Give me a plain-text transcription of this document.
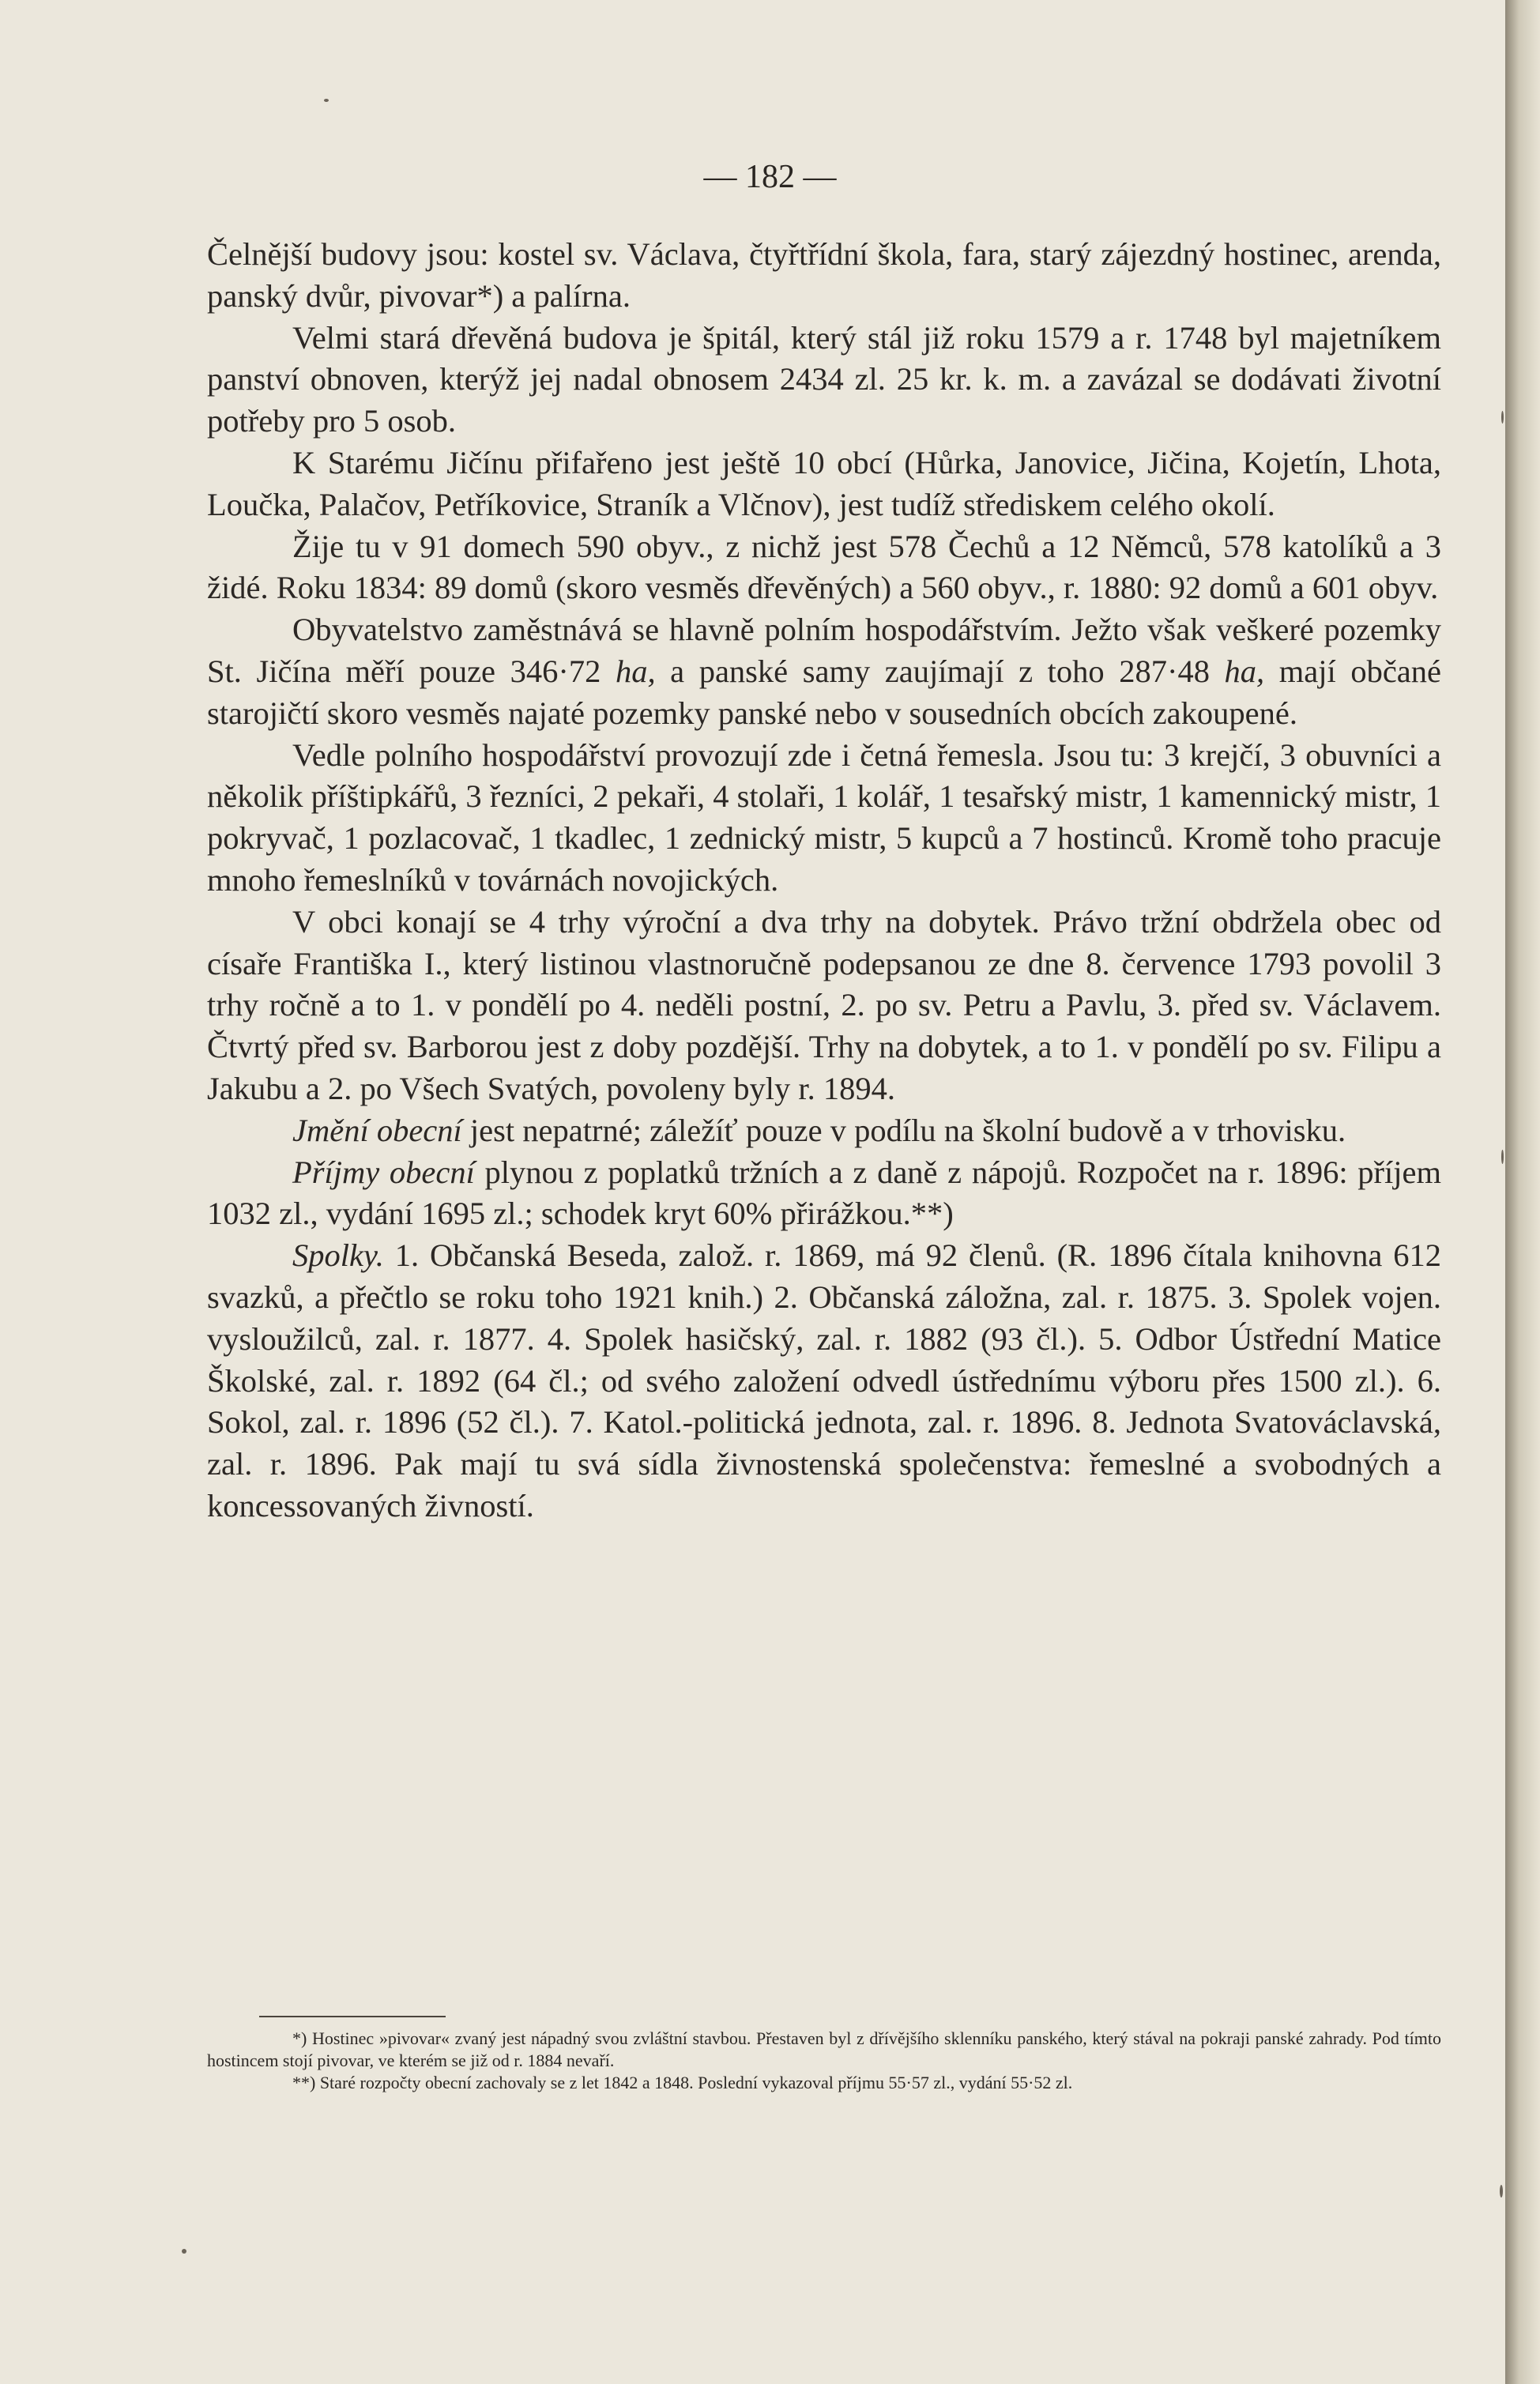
— 182 —

Čelnější budovy jsou: kostel sv. Václava, čtyřtřídní škola, fara, starý zájezdný hostinec, arenda, panský dvůr, pivovar*) a palírna.

Velmi stará dřevěná budova je špitál, který stál již roku 1579 a r. 1748 byl majetníkem panství obnoven, kterýž jej nadal obnosem 2434 zl. 25 kr. k. m. a zavázal se dodávati životní potřeby pro 5 osob.

K Starému Jičínu přifařeno jest ještě 10 obcí (Hůrka, Janovice, Jičina, Kojetín, Lhota, Loučka, Palačov, Petříkovice, Straník a Vlčnov), jest tudíž střediskem celého okolí.

Žije tu v 91 domech 590 obyv., z nichž jest 578 Čechů a 12 Němců, 578 katolíků a 3 židé. Roku 1834: 89 domů (skoro vesměs dřevěných) a 560 obyv., r. 1880: 92 domů a 601 obyv.

Obyvatelstvo zaměstnává se hlavně polním hospodářstvím. Ježto však veškeré pozemky St. Jičína měří pouze 346·72 ha, a panské samy zaujímají z toho 287·48 ha, mají občané starojičtí skoro vesměs najaté pozemky panské nebo v sousedních obcích zakoupené.

Vedle polního hospodářství provozují zde i četná řemesla. Jsou tu: 3 krejčí, 3 obuvníci a několik příštipkářů, 3 řezníci, 2 pekaři, 4 stolaři, 1 kolář, 1 tesařský mistr, 1 kamennický mistr, 1 pokryvač, 1 pozlacovač, 1 tkadlec, 1 zednický mistr, 5 kupců a 7 hostinců. Kromě toho pracuje mnoho řemeslníků v továrnách novojických.

V obci konají se 4 trhy výroční a dva trhy na dobytek. Právo tržní obdržela obec od císaře Františka I., který listinou vlastnoručně podepsanou ze dne 8. července 1793 povolil 3 trhy ročně a to 1. v pondělí po 4. neděli postní, 2. po sv. Petru a Pavlu, 3. před sv. Václavem. Čtvrtý před sv. Barborou jest z doby pozdější. Trhy na dobytek, a to 1. v pondělí po sv. Filipu a Jakubu a 2. po Všech Svatých, povoleny byly r. 1894.

Jmění obecní jest nepatrné; záležíť pouze v podílu na školní budově a v trhovisku.

Příjmy obecní plynou z poplatků tržních a z daně z nápojů. Rozpočet na r. 1896: příjem 1032 zl., vydání 1695 zl.; schodek kryt 60% přirážkou.**)

Spolky. 1. Občanská Beseda, založ. r. 1869, má 92 členů. (R. 1896 čítala knihovna 612 svazků, a přečtlo se roku toho 1921 knih.) 2. Občanská záložna, zal. r. 1875. 3. Spolek vojen. vysloužilců, zal. r. 1877. 4. Spolek hasičský, zal. r. 1882 (93 čl.). 5. Odbor Ústřední Matice Školské, zal. r. 1892 (64 čl.; od svého založení odvedl ústřednímu výboru přes 1500 zl.). 6. Sokol, zal. r. 1896 (52 čl.). 7. Katol.-politická jednota, zal. r. 1896. 8. Jednota Svatováclavská, zal. r. 1896. Pak mají tu svá sídla živnostenská společenstva: řemeslné a svobodných a koncessovaných živností.

*) Hostinec »pivovar« zvaný jest nápadný svou zvláštní stavbou. Přestaven byl z dřívějšího sklenníku panského, který stával na pokraji panské zahrady. Pod tímto hostincem stojí pivovar, ve kterém se již od r. 1884 nevaří.

**) Staré rozpočty obecní zachovaly se z let 1842 a 1848. Poslední vykazoval příjmu 55·57 zl., vydání 55·52 zl.
